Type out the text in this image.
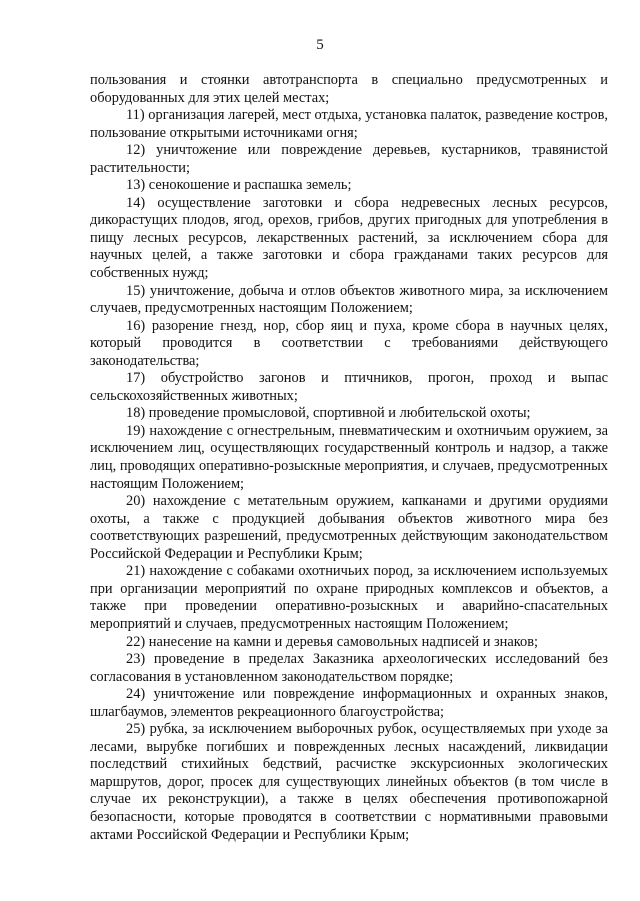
5

пользования и стоянки автотранспорта в специально предусмотренных и оборудованных для этих целей местах;

11) организация лагерей, мест отдыха, установка палаток, разведение костров, пользование открытыми источниками огня;

12) уничтожение или повреждение деревьев, кустарников, травянистой растительности;

13) сенокошение и распашка земель;

14) осуществление заготовки и сбора недревесных лесных ресурсов, дикорастущих плодов, ягод, орехов, грибов, других пригодных для употребления в пищу лесных ресурсов, лекарственных растений, за исключением сбора для научных целей, а также заготовки и сбора гражданами таких ресурсов для собственных нужд;

15) уничтожение, добыча и отлов объектов животного мира, за исключением случаев, предусмотренных настоящим Положением;

16) разорение гнезд, нор, сбор яиц и пуха, кроме сбора в научных целях, который проводится в соответствии с требованиями действующего законодательства;

17) обустройство загонов и птичников, прогон, проход и выпас сельскохозяйственных животных;

18) проведение промысловой, спортивной и любительской охоты;

19) нахождение с огнестрельным, пневматическим и охотничьим оружием, за исключением лиц, осуществляющих государственный контроль и надзор, а также лиц, проводящих оперативно-розыскные мероприятия, и случаев, предусмотренных настоящим Положением;

20) нахождение с метательным оружием, капканами и другими орудиями охоты, а также с продукцией добывания объектов животного мира без соответствующих разрешений, предусмотренных действующим законодательством Российской Федерации и Республики Крым;

21) нахождение с собаками охотничьих пород, за исключением используемых при организации мероприятий по охране природных комплексов и объектов, а также при проведении оперативно-розыскных и аварийно-спасательных мероприятий и случаев, предусмотренных настоящим Положением;

22) нанесение на камни и деревья самовольных надписей и знаков;

23) проведение в пределах Заказника археологических исследований без согласования в установленном законодательством порядке;

24) уничтожение или повреждение информационных и охранных знаков, шлагбаумов, элементов рекреационного благоустройства;

25) рубка, за исключением выборочных рубок, осуществляемых при уходе за лесами, вырубке погибших и поврежденных лесных насаждений, ликвидации последствий стихийных бедствий, расчистке экскурсионных экологических маршрутов, дорог, просек для существующих линейных объектов (в том числе в случае их реконструкции), а также в целях обеспечения противопожарной безопасности, которые проводятся в соответствии с нормативными правовыми актами Российской Федерации и Республики Крым;
